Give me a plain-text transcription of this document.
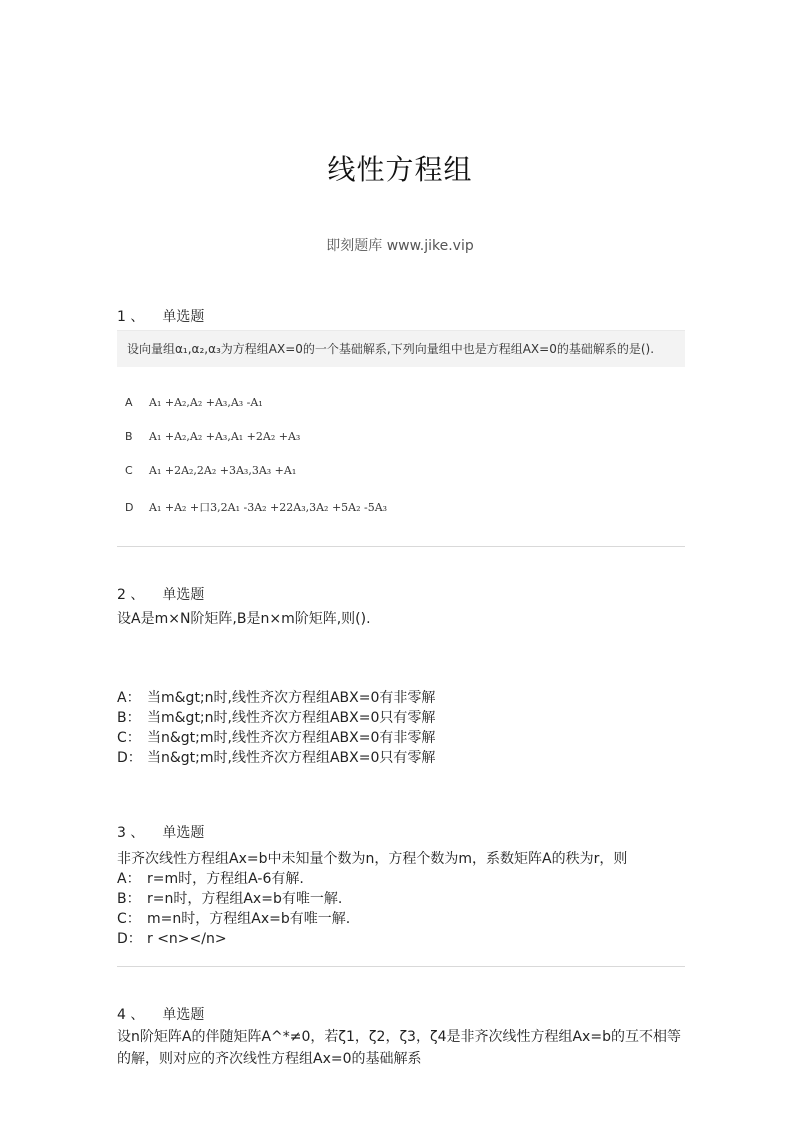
线性方程组
即刻题库 www.jike.vip
1 、 单选题
设向量组α₁,α₂,α₃为方程组AX=0的一个基础解系,下列向量组中也是方程组AX=0的基础解系的是().
A A₁ +A₂,A₂ +A₃,A₃ -A₁
B A₁ +A₂,A₂ +A₃,A₁ +2A₂ +A₃
C A₁ +2A₂,2A₂ +3A₃,3A₃ +A₁
D A₁ +A₂ +口3,2A₁ -3A₂ +22A₃,3A₂ +5A₂ -5A₃
2 、 单选题
设A是m×N阶矩阵,B是n×m阶矩阵,则().
A： 当m&gt;n时,线性齐次方程组ABX=0有非零解
B： 当m&gt;n时,线性齐次方程组ABX=0只有零解
C： 当n&gt;m时,线性齐次方程组ABX=0有非零解
D： 当n&gt;m时,线性齐次方程组ABX=0只有零解
3 、 单选题
非齐次线性方程组Ax=b中未知量个数为n，方程个数为m，系数矩阵A的秩为r，则
A： r=m时，方程组A-6有解.
B： r=n时，方程组Ax=b有唯一解.
C： m=n时，方程组Ax=b有唯一解.
D： r <n></n>
4 、 单选题
设n阶矩阵A的伴随矩阵A^*≠0，若ζ1，ζ2，ζ3，ζ4是非齐次线性方程组Ax=b的互不相等的解，则对应的齐次线性方程组Ax=0的基础解系
